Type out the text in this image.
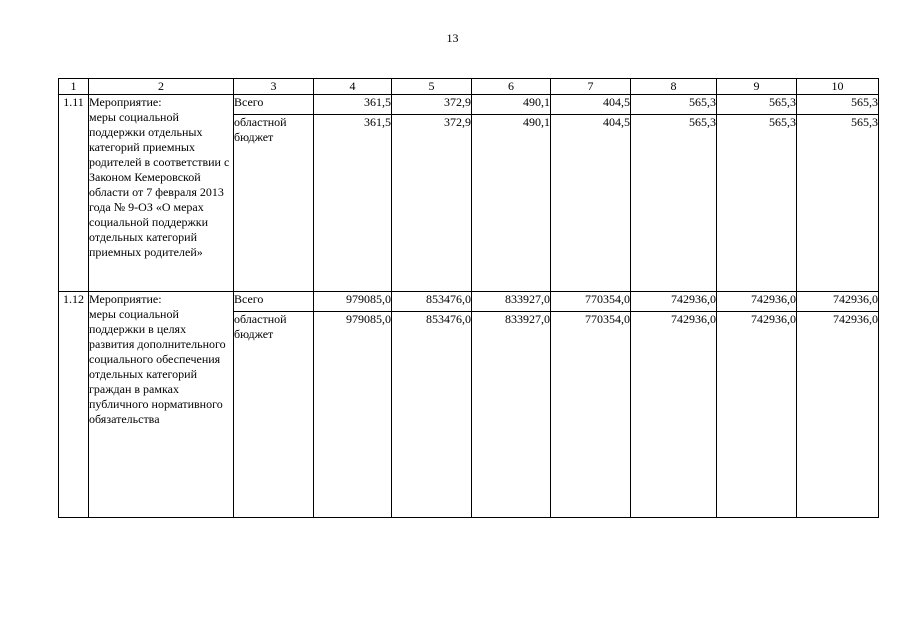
13
1	2	3	4	5	6	7	8	9	10
1.11	Мероприятие:
меры социальной поддержки отдельных категорий приемных родителей в соответствии с Законом Кемеровской области от 7 февраля 2013 года № 9-ОЗ «О мерах социальной поддержки отдельных категорий приемных родителей»	Всего	361,5	372,9	490,1	404,5	565,3	565,3	565,3
		областной бюджет	361,5	372,9	490,1	404,5	565,3	565,3	565,3
1.12	Мероприятие:
меры социальной поддержки в целях развития дополнительного социального обеспечения отдельных категорий граждан в рамках публичного нормативного обязательства	Всего	979085,0	853476,0	833927,0	770354,0	742936,0	742936,0	742936,0
		областной бюджет	979085,0	853476,0	833927,0	770354,0	742936,0	742936,0	742936,0
